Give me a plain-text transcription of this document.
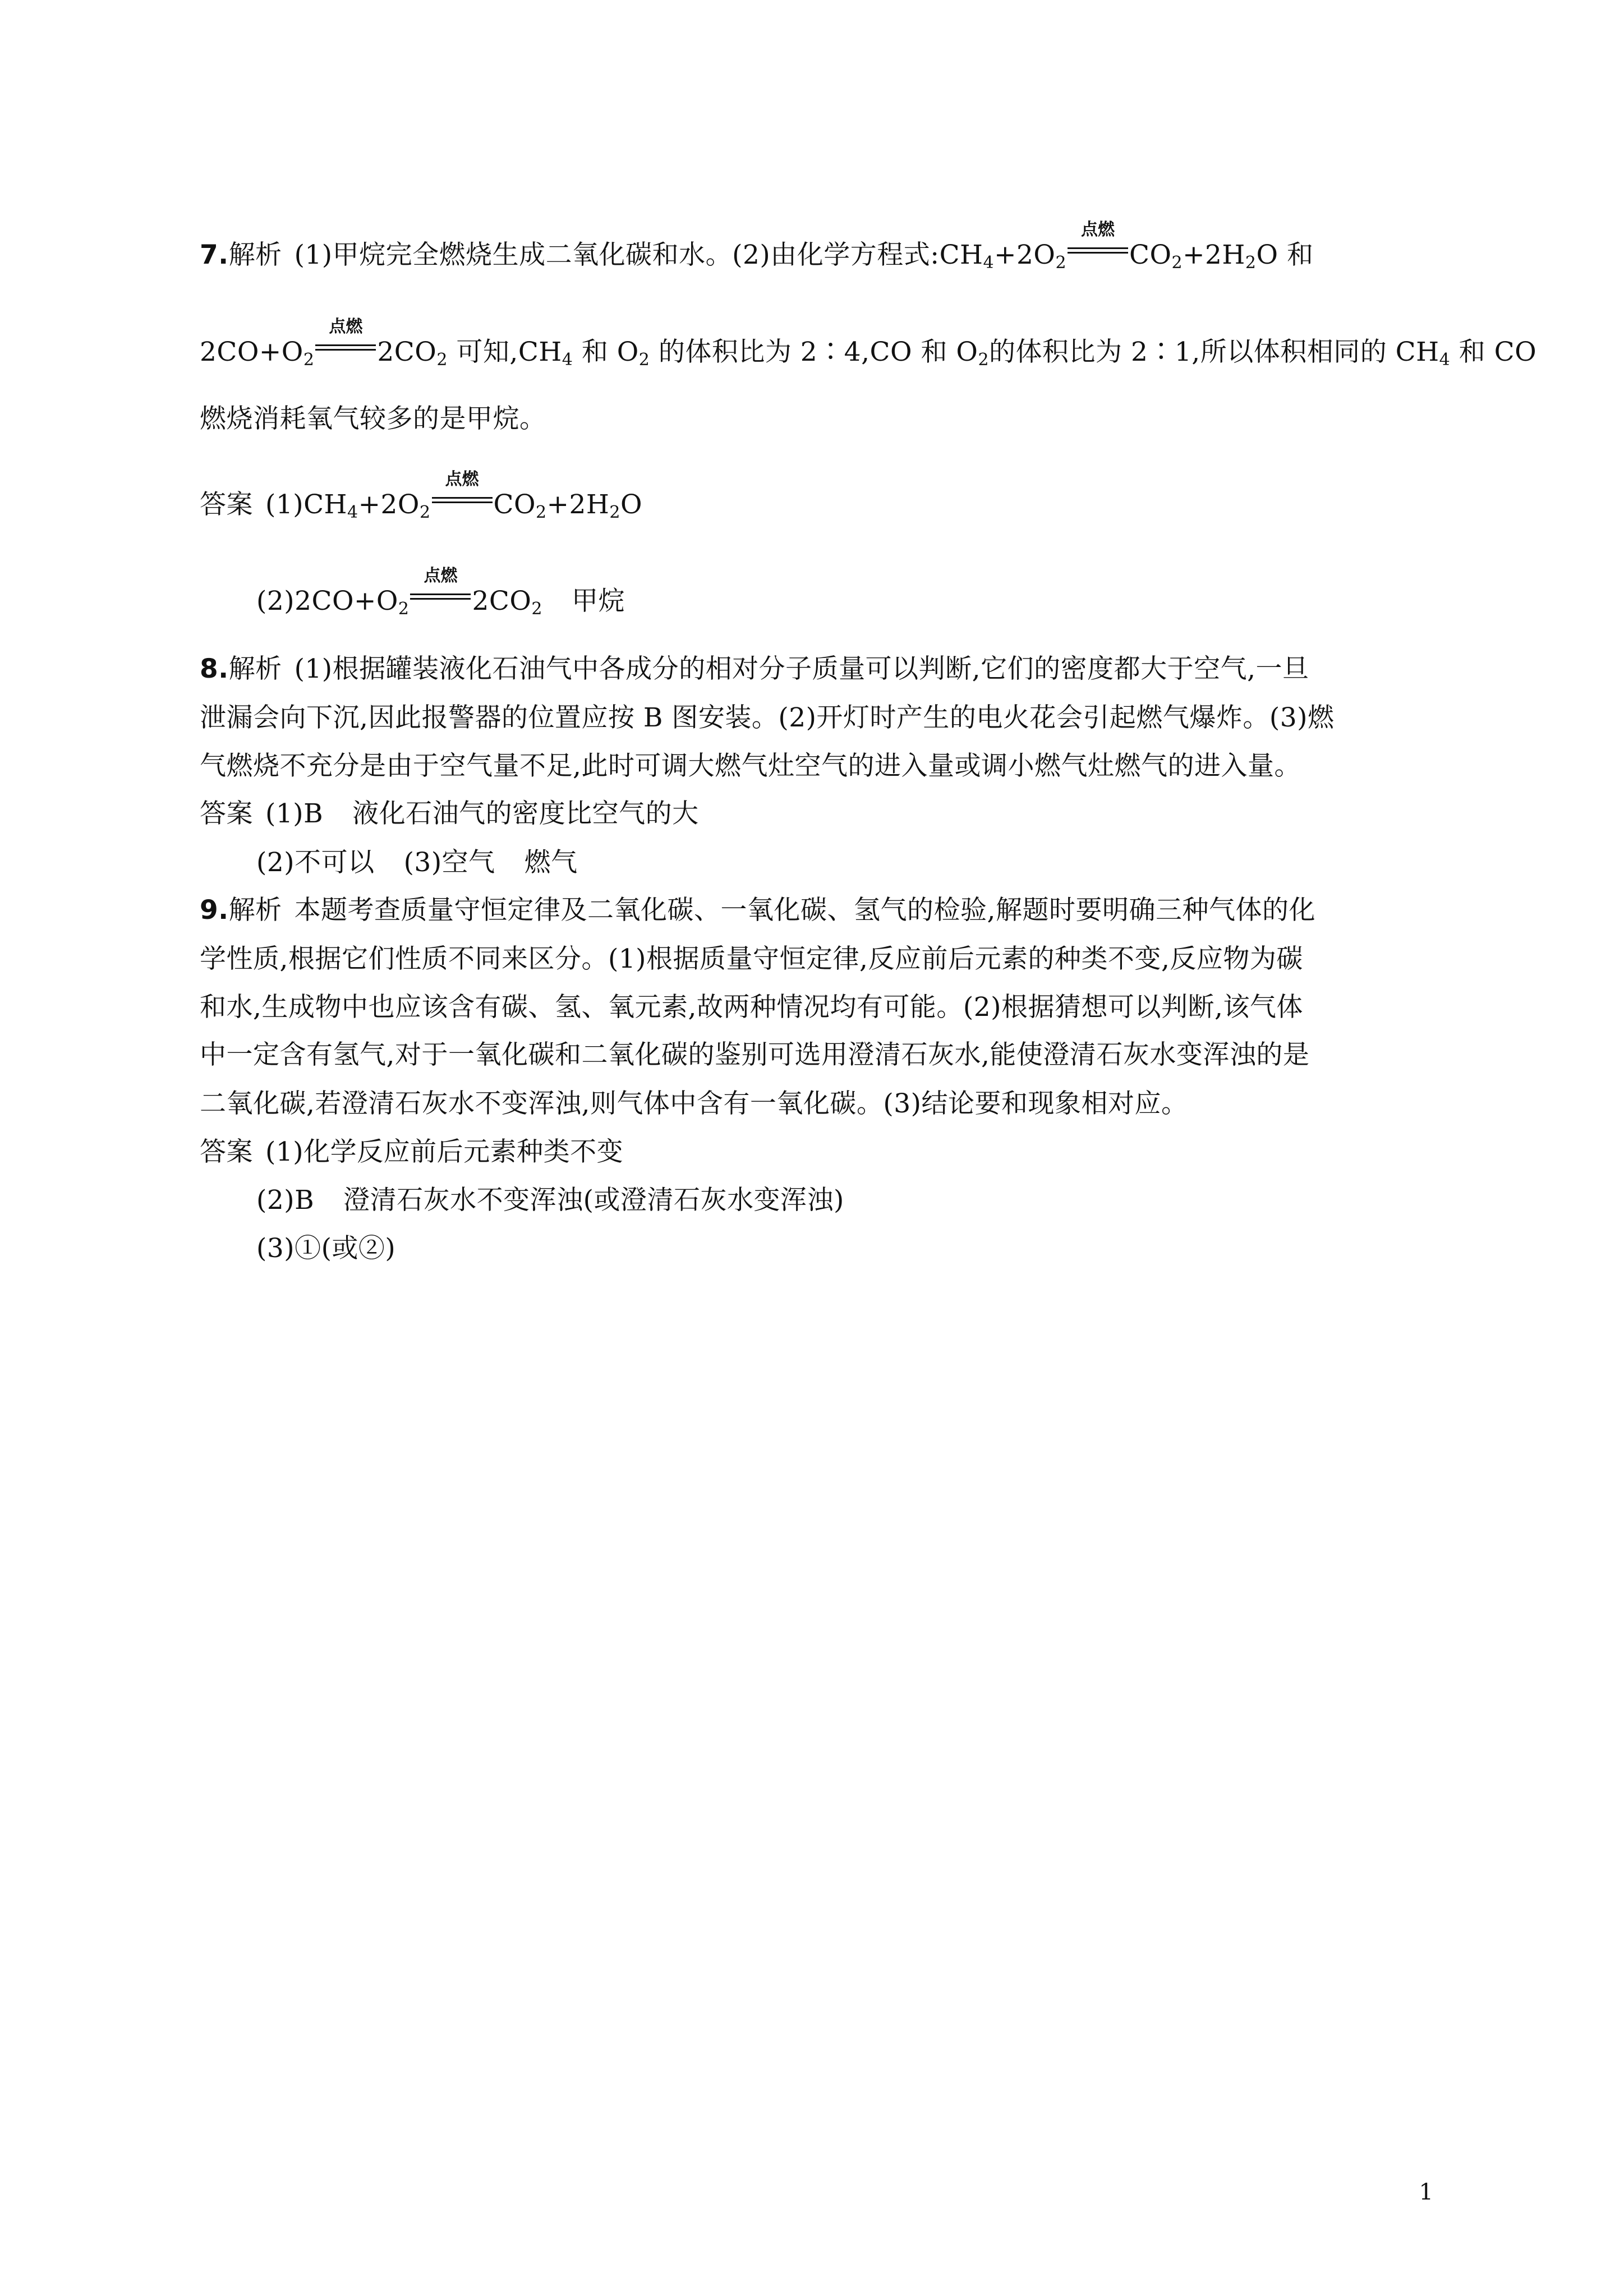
7.解析 (1)甲烷完全燃烧生成二氧化碳和水。(2)由化学方程式$:CH_4+2O_2$
点燃
$CO_2+2H_2O$ 和
$2CO+O_2$
点燃
$2CO_2$ 可知$,CH_4$ 和 $O_2$ 的体积比为 2∶4,CO 和 $O_2$的体积比为 2∶1,所以体积相同的 $CH_4$ 和 CO
燃烧消耗氧气较多的是甲烷。
答案 $(1)CH_4+2O_2$
点燃
$CO_2+2H_2O$
$(2)2CO+O_2$
点燃
$2CO_2$ 甲烷
8.解析 (1)根据罐装液化石油气中各成分的相对分子质量可以判断,它们的密度都大于空气,一旦
泄漏会向下沉,因此报警器的位置应按 B 图安装。(2)开灯时产生的电火花会引起燃气爆炸。(3)燃
气燃烧不充分是由于空气量不足,此时可调大燃气灶空气的进入量或调小燃气灶燃气的进入量。
答案 (1)B 液化石油气的密度比空气的大
(2)不可以 (3)空气 燃气
9.解析 本题考查质量守恒定律及二氧化碳、一氧化碳、氢气的检验,解题时要明确三种气体的化
学性质,根据它们性质不同来区分。(1)根据质量守恒定律,反应前后元素的种类不变,反应物为碳
和水,生成物中也应该含有碳、氢、氧元素,故两种情况均有可能。(2)根据猜想可以判断,该气体
中一定含有氢气,对于一氧化碳和二氧化碳的鉴别可选用澄清石灰水,能使澄清石灰水变浑浊的是
二氧化碳,若澄清石灰水不变浑浊,则气体中含有一氧化碳。(3)结论要和现象相对应。
答案 (1)化学反应前后元素种类不变
(2)B 澄清石灰水不变浑浊(或澄清石灰水变浑浊)
(3)①(或②)
1
